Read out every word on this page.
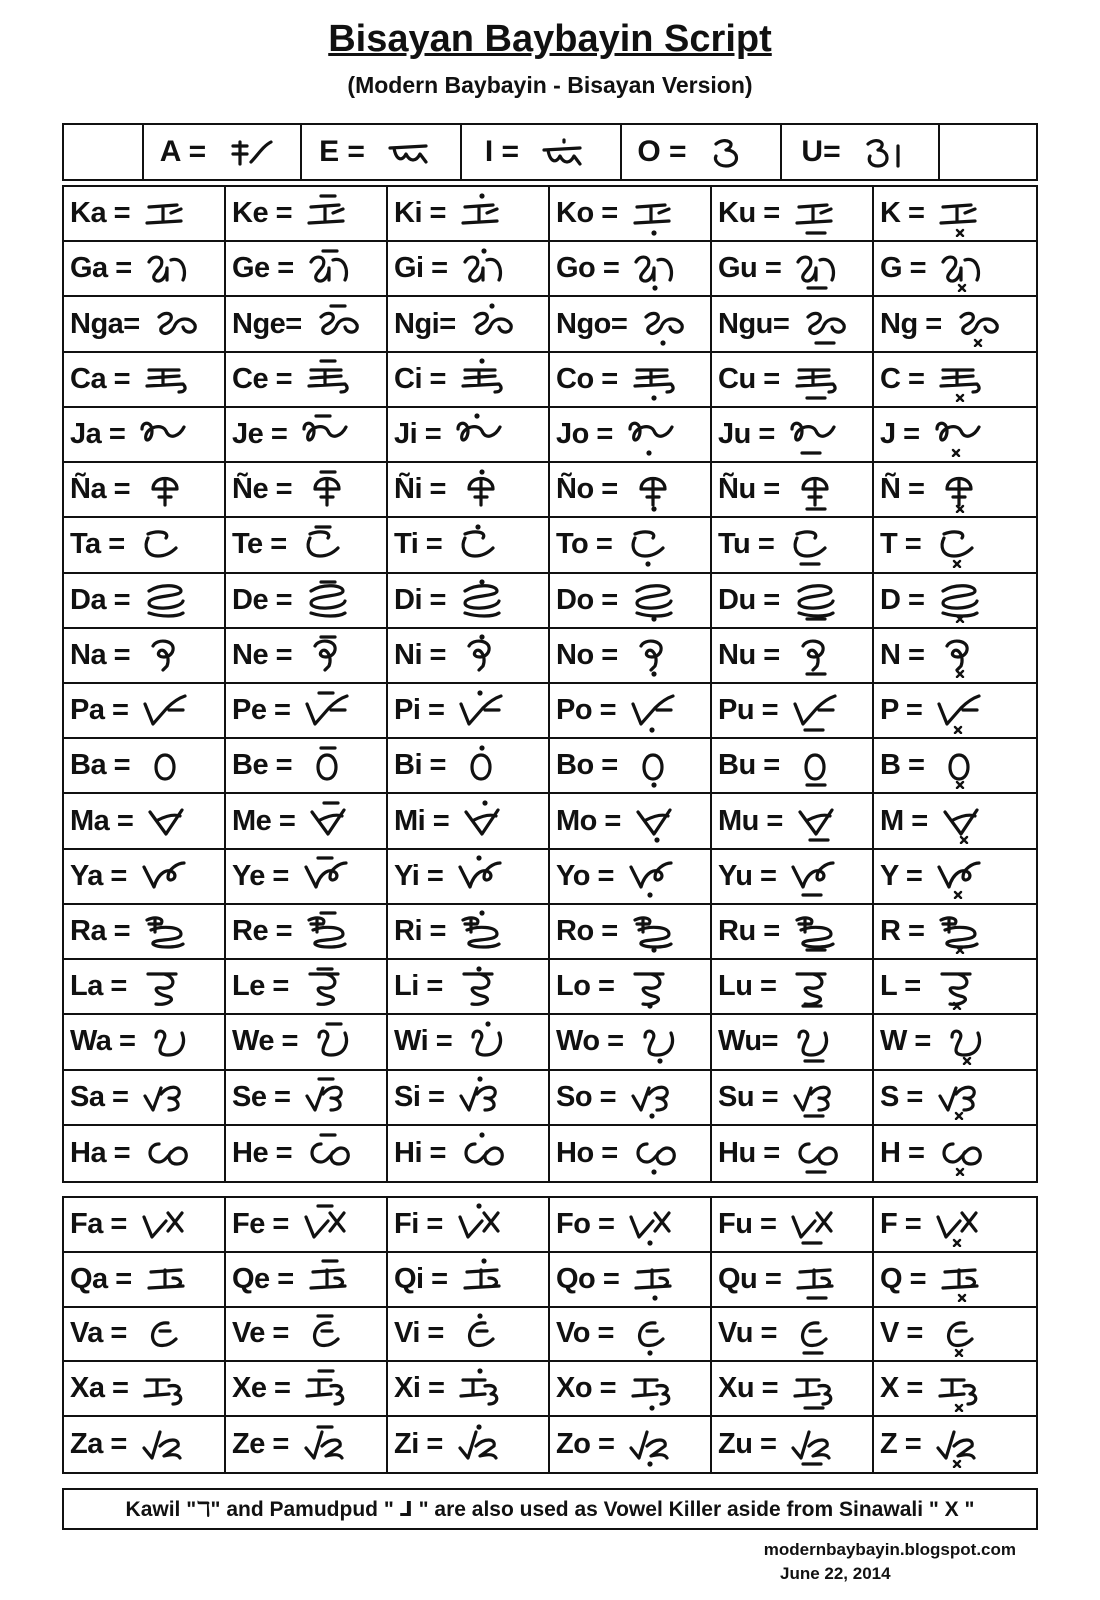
Bisayan Baybayin Script
(Modern Baybayin - Bisayan Version)
A =	E =	I =	O =	U=
Ka =	Ke =	Ki =	Ko =	Ku =	K =
Ga =	Ge =	Gi =	Go =	Gu =	G =
Nga=	Nge=	Ngi=	Ngo=	Ngu=	Ng =
Ca =	Ce =	Ci =	Co =	Cu =	C =
Ja =	Je =	Ji =	Jo =	Ju =	J =
Ña =	Ñe =	Ñi =	Ño =	Ñu =	Ñ =
Ta =	Te =	Ti =	To =	Tu =	T =
Da =	De =	Di =	Do =	Du =	D =
Na =	Ne =	Ni =	No =	Nu =	N =
Pa =	Pe =	Pi =	Po =	Pu =	P =
Ba =	Be =	Bi =	Bo =	Bu =	B =
Ma =	Me =	Mi =	Mo =	Mu =	M =
Ya =	Ye =	Yi =	Yo =	Yu =	Y =
Ra =	Re =	Ri =	Ro =	Ru =	R =
La =	Le =	Li =	Lo =	Lu =	L =
Wa =	We =	Wi =	Wo =	Wu=	W =
Sa =	Se =	Si =	So =	Su =	S =
Ha =	He =	Hi =	Ho =	Hu =	H =
Fa =	Fe =	Fi =	Fo =	Fu =	F =
Qa =	Qe =	Qi =	Qo =	Qu =	Q =
Va =	Ve =	Vi =	Vo =	Vu =	V =
Xa =	Xe =	Xi =	Xo =	Xu =	X =
Za =	Ze =	Zi =	Zo =	Zu =	Z =
Kawil "ℸ" and Pamudpud " ᒧ " are also used as Vowel Killer aside from Sinawali " X "
modernbaybayin.blogspot.com
June 22, 2014
